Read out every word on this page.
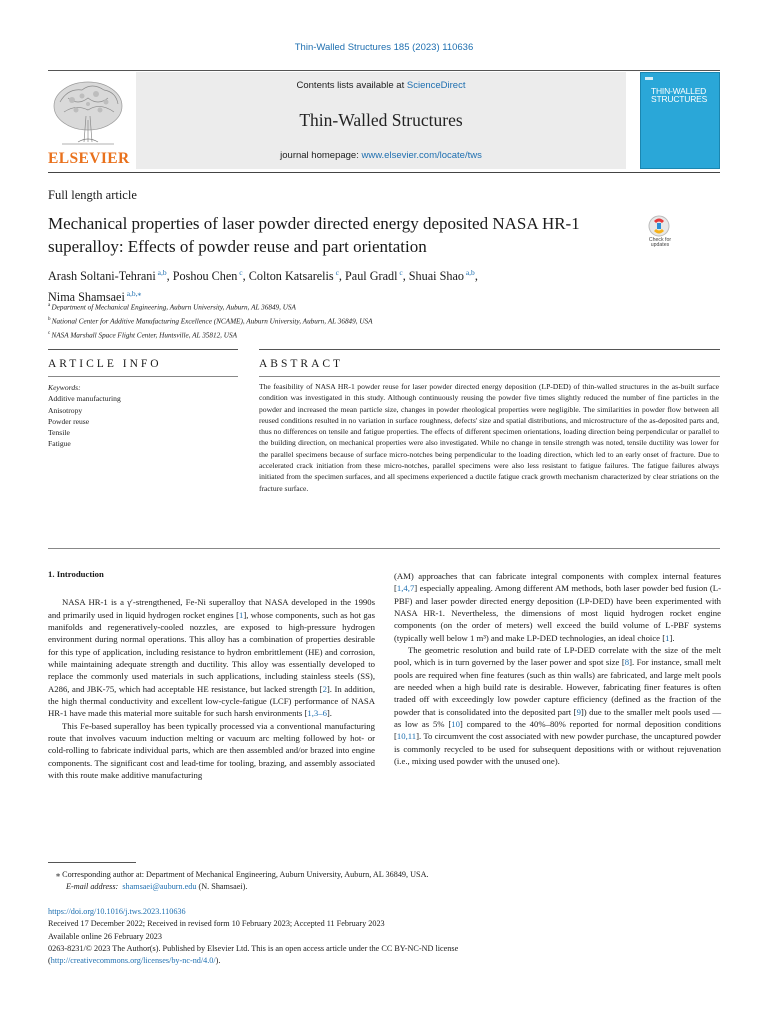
Thin-Walled Structures 185 (2023) 110636
ELSEVIER
Contents lists available at ScienceDirect
Thin-Walled Structures
journal homepage: www.elsevier.com/locate/tws
THIN-WALLED STRUCTURES
Full length article
Mechanical properties of laser powder directed energy deposited NASA HR-1 superalloy: Effects of powder reuse and part orientation	Check for updates
Arash Soltani-Tehrani $^{a,b}$, Poshou Chen $^c$, Colton Katsarelis $^c$, Paul Gradl $^c$, Shuai Shao $^{a,b}$,
Nima Shamsaei $^{a,b,⁎}$
$^a$ Department of Mechanical Engineering, Auburn University, Auburn, AL 36849, USA
$^b$ National Center for Additive Manufacturing Excellence (NCAME), Auburn University, Auburn, AL 36849, USA
$^c$ NASA Marshall Space Flight Center, Huntsville, AL 35812, USA
ARTICLE INFO	ABSTRACT
Keywords:
Additive manufacturing
Anisotropy
Powder reuse
Tensile
Fatigue
The feasibility of NASA HR-1 powder reuse for laser powder directed energy deposition (LP-DED) of thin-walled structures in the as-built surface condition was investigated in this study. Although continuously reusing the powder five times slightly reduced the number of fine particles in the powder and increased the mean particle size, changes in powder rheological properties were negligible. The similarities in powder flow between all reused conditions resulted in no variation in surface roughness, defects' size and spatial distributions, and microstructure of the as-deposited parts and, thus no differences on tensile and fatigue properties. The effects of different specimen orientations, loading direction being perpendicular or parallel to the building direction, on mechanical properties were also investigated. While no change in tensile strength was noted, tensile ductility was lower for the parallel specimens because of surface micro-notches being perpendicular to the loading direction, which led to an early onset of fracture. Due to accelerated crack initiation from these micro-notches, parallel specimens were also less resistant to fatigue failures. The fatigue failures always initiated from the specimen surfaces, and all specimens experienced a ductile fatigue crack growth mechanism characterized by clear striations on the fracture surface.
1. Introduction

NASA HR-1 is a γ′-strengthened, Fe-Ni superalloy that NASA developed in the 1990s and primarily used in liquid hydrogen rocket engines [1], whose components, such as hot gas manifolds and regeneratively-cooled nozzles, are exposed to high-pressure hydrogen environment during normal operations. This alloy has a combination of properties desirable for this type of application, including resistance to hydron embrittlement (HE) and corrosion, while maintaining adequate strength and ductility. This alloy was essentially developed to replace the commonly used materials in such applications, including stainless steels (SS), A286, and JBK-75, which had acceptable HE resistance, but lacked strength [2]. In addition, the high thermal conductivity and excellent low-cycle-fatigue (LCF) performance of NASA HR-1 have made this material more suitable for such harsh environments [1,3–6].

This Fe-based superalloy has been typically processed via a conventional manufacturing route that involves vacuum induction melting or vacuum arc melting followed by hot- or cold-rolling to fabricate individual parts, which are then assembled and/or brazed into engine components. The significant cost and lead-time for tooling, brazing, and assembly associated with this route make additive manufacturing

(AM) approaches that can fabricate integral components with complex internal features [1,4,7] especially appealing. Among different AM methods, both laser powder bed fusion (L-PBF) and laser powder directed energy deposition (LP-DED) have been experimented with NASA HR-1. Nevertheless, the dimensions of most liquid hydrogen rocket engine components (on the order of meters) well exceed the build volume of L-PBF systems (typically well below 1 m³) and make LP-DED technologies, an ideal choice [1].

The geometric resolution and build rate of LP-DED correlate with the size of the melt pool, which is in turn governed by the laser power and spot size [8]. For instance, small melt pools are required when fine features (such as thin walls) are fabricated, and large melt pools are needed when a high build rate is desirable. However, fabricating finer features is often traded off with exceedingly low powder capture efficiency (defined as the fraction of the powder that is consolidated into the deposited part [9]) due to the smaller melt pools used — as low as 5% [10] compared to the 40%–80% reported for normal deposition conditions [10,11]. To circumvent the cost associated with new powder purchase, the uncaptured powder is commonly recycled to be used for subsequent depositions with or without rejuvenation (i.e., mixing used powder with the unused one).

⁎ Corresponding author at: Department of Mechanical Engineering, Auburn University, Auburn, AL 36849, USA.
E-mail address: shamsaei@auburn.edu (N. Shamsaei).
https://doi.org/10.1016/j.tws.2023.110636
Received 17 December 2022; Received in revised form 10 February 2023; Accepted 11 February 2023
Available online 26 February 2023
0263-8231/© 2023 The Author(s). Published by Elsevier Ltd. This is an open access article under the CC BY-NC-ND license
(http://creativecommons.org/licenses/by-nc-nd/4.0/).
